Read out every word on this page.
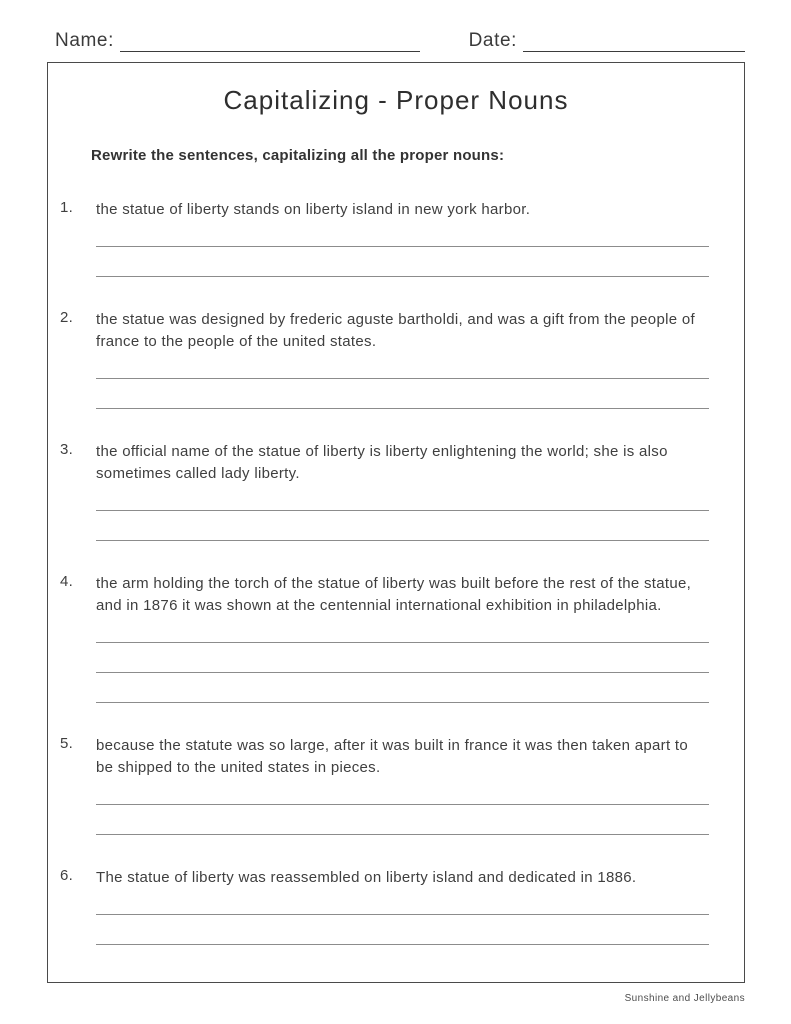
Name:	Date:
Capitalizing - Proper Nouns
Rewrite the sentences, capitalizing all the proper nouns:
1.	the statue of liberty stands on liberty island in new york harbor.
2.	the statue was designed by frederic aguste bartholdi, and was a gift from the people of france to the people of the united states.
3.	the official name of the statue of liberty is liberty enlightening the world; she is also sometimes called lady liberty.
4.	the arm holding the torch of the statue of liberty was built before the rest of the statue, and in 1876 it was shown at the centennial international exhibition in philadelphia.
5.	because the statute was so large, after it was built in france it was then taken apart to be shipped to the united states in pieces.
6.	The statue of liberty was reassembled on liberty island and dedicated in 1886.
Sunshine and Jellybeans
